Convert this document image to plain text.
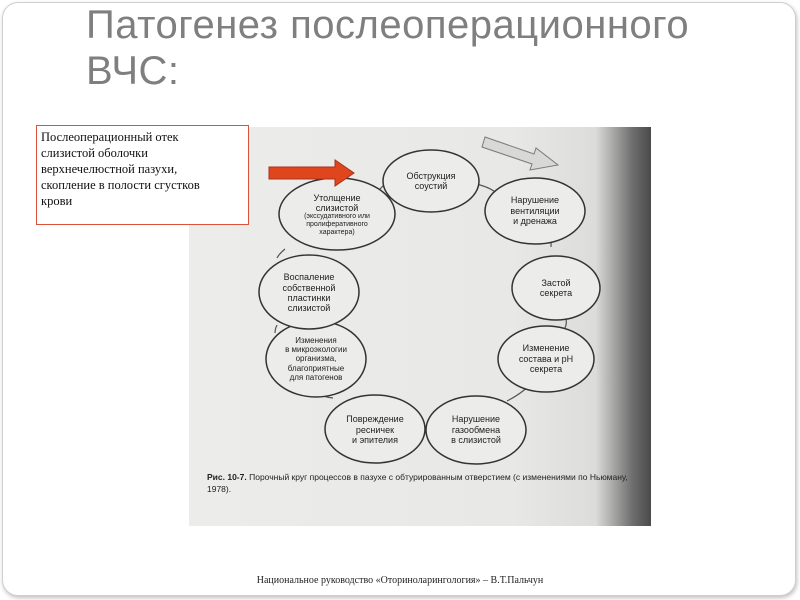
Патогенез послеоперационного
ВЧС:
Обструкция
соустий
Нарушение
вентиляции
и дренажа
Застой
секрета
Изменение
состава и pH
секрета
Нарушение
газообмена
в слизистой
Повреждение
ресничек
и эпителия
Изменения
в микроэкологии
организма,
благоприятные
для патогенов
Воспаление
собственной
пластинки
слизистой
Утолщение
слизистой
(экссудативного или
пролиферативного
характера)
Рис. 10-7. Порочный круг процессов в пазухе с обтурированным отверстием (с изменениями по Ньюману, 1978).
Послеоперационный отек
слизистой оболочки
верхнечелюстной пазухи,
скопление в полости сгустков
крови
Национальное руководство «Оториноларингология» – В.Т.Пальчун
